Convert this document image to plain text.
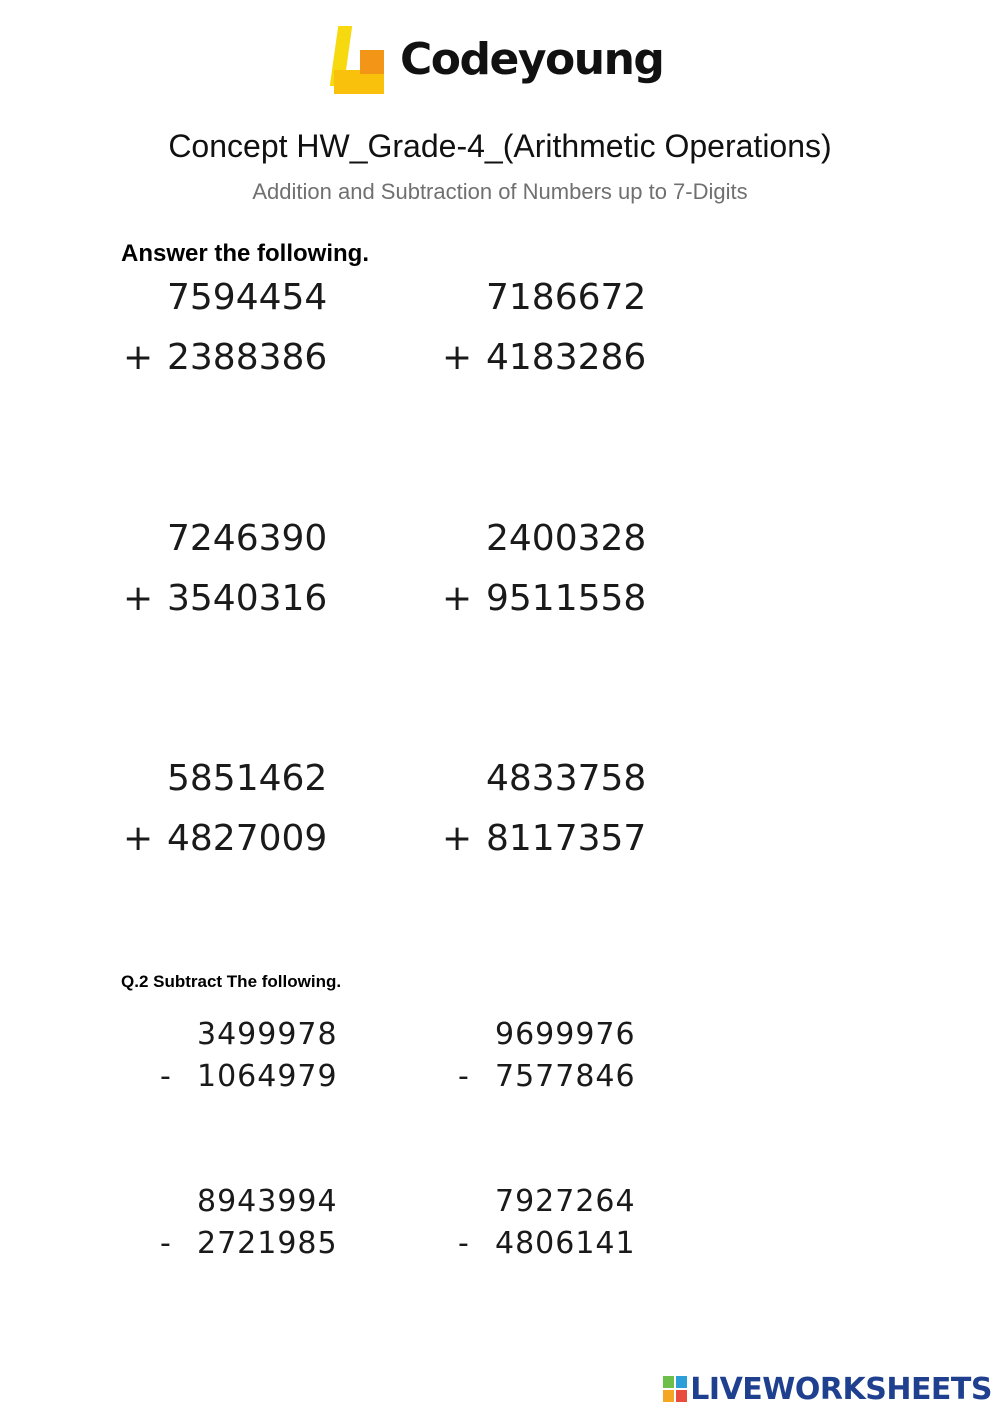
Codeyoung
Concept HW_Grade-4_(Arithmetic Operations)
Addition and Subtraction of Numbers up to 7-Digits
Answer the following.
7594454
+ 2388386
7186672
+ 4183286
7246390
+ 3540316
2400328
+ 9511558
5851462
+ 4827009
4833758
+ 8117357
Q.2 Subtract The following.
3499978
- 1064979
9699976
- 7577846
8943994
- 2721985
7927264
- 4806141
LIVEWORKSHEETS
